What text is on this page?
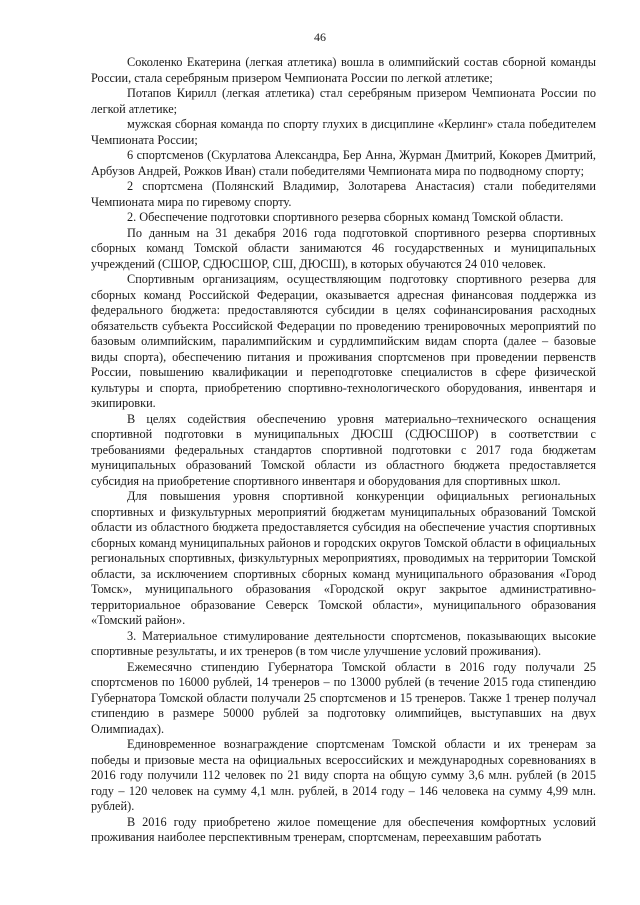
46

Соколенко Екатерина (легкая атлетика) вошла в олимпийский состав сборной команды России, стала серебряным призером Чемпионата России по легкой атлетике;

Потапов Кирилл (легкая атлетика) стал серебряным призером Чемпионата России по легкой атлетике;

мужская сборная команда по спорту глухих в дисциплине «Керлинг» стала победителем Чемпионата России;

6 спортсменов (Скурлатова Александра, Бер Анна, Журман Дмитрий, Кокорев Дмитрий, Арбузов Андрей, Рожков Иван) стали победителями Чемпионата мира по подводному спорту;

2 спортсмена (Полянский Владимир, Золотарева Анастасия) стали победителями Чемпионата мира по гиревому спорту.

2. Обеспечение подготовки спортивного резерва сборных команд Томской области.

По данным на 31 декабря 2016 года подготовкой спортивного резерва спортивных сборных команд Томской области занимаются 46 государственных и муниципальных учреждений (СШОР, СДЮСШОР, СШ, ДЮСШ), в которых обучаются 24 010 человек.

Спортивным организациям, осуществляющим подготовку спортивного резерва для сборных команд Российской Федерации, оказывается адресная финансовая поддержка из федерального бюджета: предоставляются субсидии в целях софинансирования расходных обязательств субъекта Российской Федерации по проведению тренировочных мероприятий по базовым олимпийским, паралимпийским и сурдлимпийским видам спорта (далее – базовые виды спорта), обеспечению питания и проживания спортсменов при проведении первенств России, повышению квалификации и переподготовке специалистов в сфере физической культуры и спорта, приобретению спортивно-технологического оборудования, инвентаря и экипировки.

В целях содействия обеспечению уровня материально–технического оснащения спортивной подготовки в муниципальных ДЮСШ (СДЮСШОР) в соответствии с требованиями федеральных стандартов спортивной подготовки с 2017 года бюджетам муниципальных образований Томской области из областного бюджета предоставляется субсидия на приобретение спортивного инвентаря и оборудования для спортивных школ.

Для повышения уровня спортивной конкуренции официальных региональных спортивных и физкультурных мероприятий бюджетам муниципальных образований Томской области из областного бюджета предоставляется субсидия на обеспечение участия спортивных сборных команд муниципальных районов и городских округов Томской области в официальных региональных спортивных, физкультурных мероприятиях, проводимых на территории Томской области, за исключением спортивных сборных команд муниципального образования «Город Томск», муниципального образования «Городской округ закрытое административно-территориальное образование Северск Томской области», муниципального образования «Томский район».

3. Материальное стимулирование деятельности спортсменов, показывающих высокие спортивные результаты, и их тренеров (в том числе улучшение условий проживания).

Ежемесячно стипендию Губернатора Томской области в 2016 году получали 25 спортсменов по 16000 рублей, 14 тренеров – по 13000 рублей (в течение 2015 года стипендию Губернатора Томской области получали 25 спортсменов и 15 тренеров. Также 1 тренер получал стипендию в размере 50000 рублей за подготовку олимпийцев, выступавших на двух Олимпиадах).

Единовременное вознаграждение спортсменам Томской области и их тренерам за победы и призовые места на официальных всероссийских и международных соревнованиях в 2016 году получили 112 человек по 21 виду спорта на общую сумму 3,6 млн. рублей (в 2015 году – 120 человек на сумму 4,1 млн. рублей, в 2014 году – 146 человека на сумму 4,99 млн. рублей).

В 2016 году приобретено жилое помещение для обеспечения комфортных условий проживания наиболее перспективным тренерам, спортсменам, переехавшим работать
